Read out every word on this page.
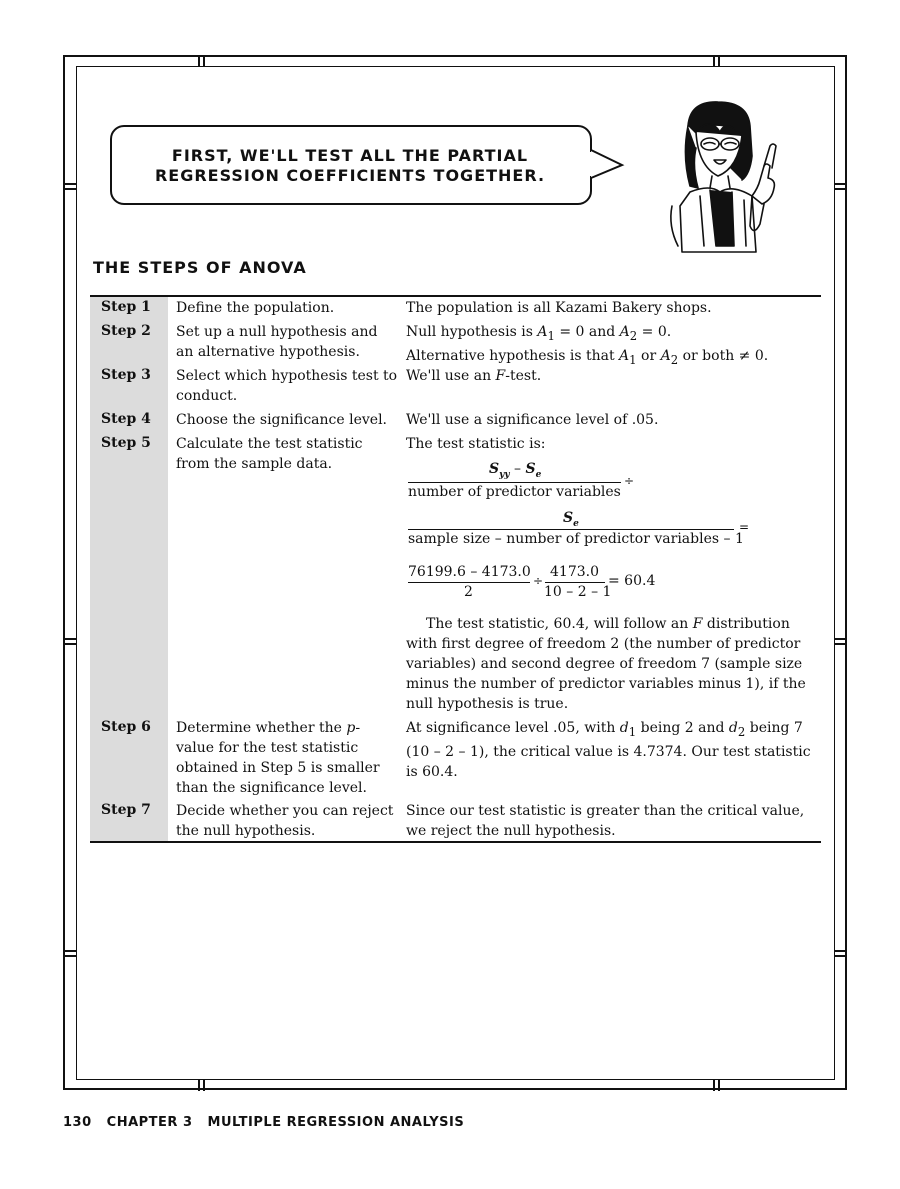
FIRST, WE'LL TEST ALL THE PARTIAL REGRESSION COEFFICIENTS TOGETHER.
THE STEPS OF ANOVA
Step 1 Define the population.	The population is all Kazami Bakery shops.
Step 2 Set up a null hypothesis and an alternative hypothesis.
Null hypothesis is $A_1 = 0$ and $A_2 = 0$.
Alternative hypothesis is that $A_1$ or $A_2$ or both ≠ 0.
Step 3 Select which hypothesis test to conduct.
We'll use an F-test.
Step 4 Choose the significance level.	We'll use a significance level of .05.
Step 5 Calculate the test statistic from the sample data.
The test statistic is:
$S_{yy} - S_e$
number of predictor variables
÷
$S_e$
sample size – number of predictor variables – 1
=
76199.6 – 4173.0
2
÷
4173.0
10 – 2 – 1
= 60.4
The test statistic, 60.4, will follow an F distribution with first degree of freedom 2 (the number of predictor variables) and second degree of freedom 7 (sample size minus the number of predictor variables minus 1), if the null hypothesis is true.
Step 6 Determine whether the p-value for the test statistic obtained in Step 5 is smaller than the significance level.
At significance level .05, with $d_1$ being 2 and $d_2$ being 7 (10 – 2 – 1), the critical value is 4.7374. Our test statistic is 60.4.
Step 7 Decide whether you can reject the null hypothesis.
Since our test statistic is greater than the critical value, we reject the null hypothesis.
130 CHAPTER 3 MULTIPLE REGRESSION ANALYSIS
